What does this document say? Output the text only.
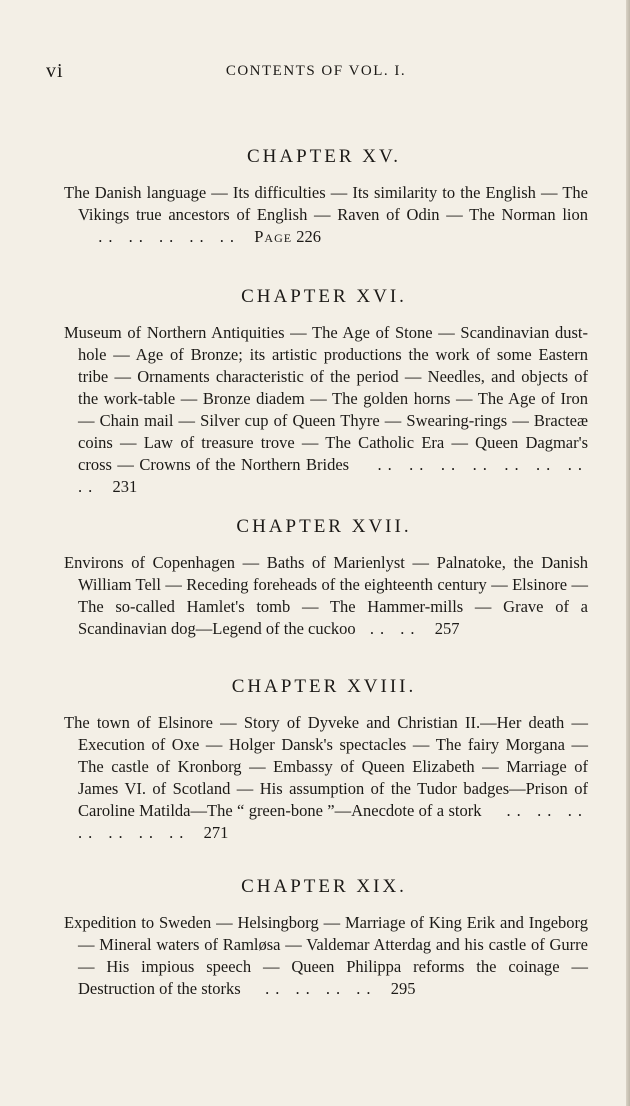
vi	CONTENTS OF VOL. I.
CHAPTER XV.

The Danish language — Its difficulties — Its similarity to the English — The Vikings true ancestors of English — Raven of Odin — The Norman lion   .. .. .. .. ..  Page 226

CHAPTER XVI.

Museum of Northern Antiquities — The Age of Stone — Scandinavian dust-hole — Age of Bronze; its artistic productions the work of some Eastern tribe — Ornaments characteristic of the period — Needles, and objects of the work-table — Bronze diadem — The golden horns — The Age of Iron — Chain mail — Silver cup of Queen Thyre — Swearing-rings — Bracteæ coins — Law of treasure trove — The Catholic Era — Queen Dagmar's cross — Crowns of the Northern Brides   .. .. .. .. .. .. .. ..  231

CHAPTER XVII.

Environs of Copenhagen — Baths of Marienlyst — Palnatoke, the Danish William Tell — Receding foreheads of the eighteenth century — Elsinore — The so-called Hamlet's tomb — The Hammer-mills — Grave of a Scandinavian dog—Legend of the cuckoo  .. ..  257

CHAPTER XVIII.

The town of Elsinore — Story of Dyveke and Christian II.—Her death — Execution of Oxe — Holger Dansk's spectacles — The fairy Morgana — The castle of Kronborg — Embassy of Queen Elizabeth — Marriage of James VI. of Scotland — His assumption of the Tudor badges—Prison of Caroline Matilda—The “ green-bone ”—Anecdote of a stork   .. .. .. .. .. .. ..  271

CHAPTER XIX.

Expedition to Sweden — Helsingborg — Marriage of King Erik and Ingeborg — Mineral waters of Ramløsa — Valdemar Atterdag and his castle of Gurre — His impious speech — Queen Philippa reforms the coinage — Destruction of the storks   .. .. .. ..  295
